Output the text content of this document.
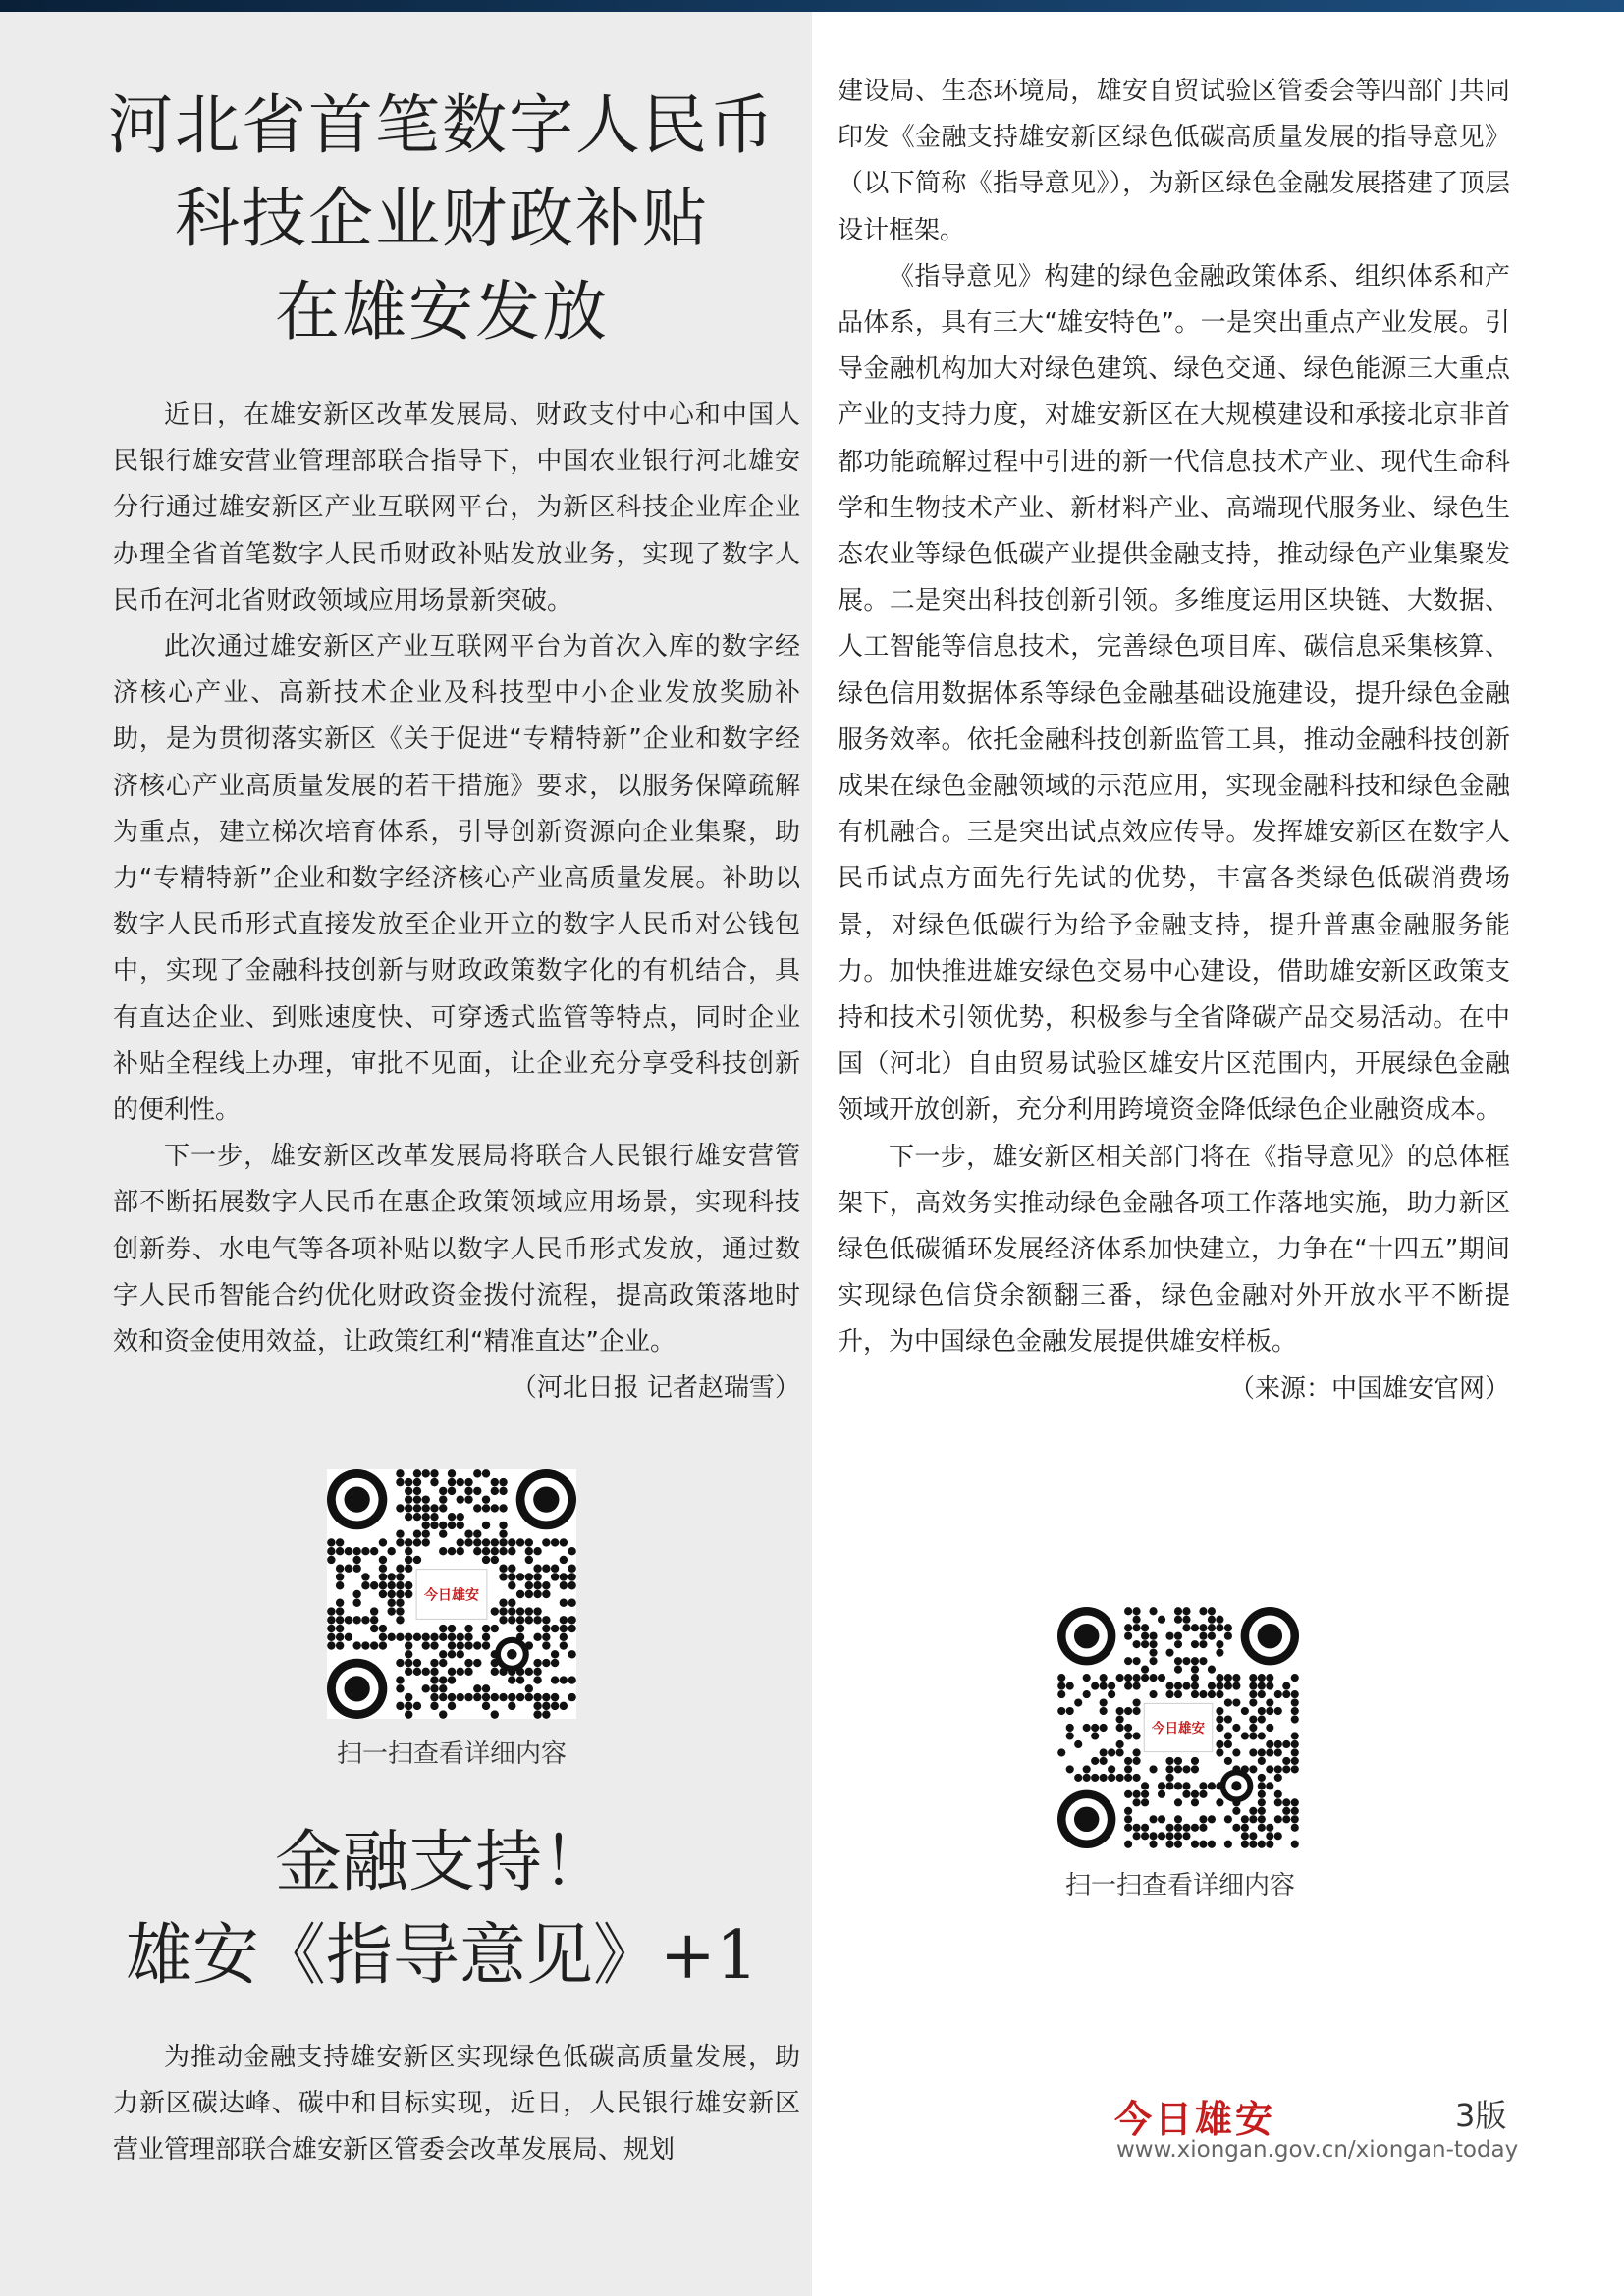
河北省首笔数字人民币
科技企业财政补贴
在雄安发放

近日，在雄安新区改革发展局、财政支付中心和中国人民银行雄安营业管理部联合指导下，中国农业银行河北雄安分行通过雄安新区产业互联网平台，为新区科技企业库企业办理全省首笔数字人民币财政补贴发放业务，实现了数字人民币在河北省财政领域应用场景新突破。

此次通过雄安新区产业互联网平台为首次入库的数字经济核心产业、高新技术企业及科技型中小企业发放奖励补助，是为贯彻落实新区《关于促进“专精特新”企业和数字经济核心产业高质量发展的若干措施》要求，以服务保障疏解为重点，建立梯次培育体系，引导创新资源向企业集聚，助力“专精特新”企业和数字经济核心产业高质量发展。补助以数字人民币形式直接发放至企业开立的数字人民币对公钱包中，实现了金融科技创新与财政政策数字化的有机结合，具有直达企业、到账速度快、可穿透式监管等特点，同时企业补贴全程线上办理，审批不见面，让企业充分享受科技创新的便利性。

下一步，雄安新区改革发展局将联合人民银行雄安营管部不断拓展数字人民币在惠企政策领域应用场景，实现科技创新券、水电气等各项补贴以数字人民币形式发放，通过数字人民币智能合约优化财政资金拨付流程，提高政策落地时效和资金使用效益，让政策红利“精准直达”企业。

（河北日报 记者赵瑞雪）

今日雄安
扫一扫查看详细内容
金融支持！
雄安《指导意见》+1

为推动金融支持雄安新区实现绿色低碳高质量发展，助力新区碳达峰、碳中和目标实现，近日，人民银行雄安新区营业管理部联合雄安新区管委会改革发展局、规划

建设局、生态环境局，雄安自贸试验区管委会等四部门共同印发《金融支持雄安新区绿色低碳高质量发展的指导意见》（以下简称《指导意见》），为新区绿色金融发展搭建了顶层设计框架。

《指导意见》构建的绿色金融政策体系、组织体系和产品体系，具有三大“雄安特色”。一是突出重点产业发展。引导金融机构加大对绿色建筑、绿色交通、绿色能源三大重点产业的支持力度，对雄安新区在大规模建设和承接北京非首都功能疏解过程中引进的新一代信息技术产业、现代生命科学和生物技术产业、新材料产业、高端现代服务业、绿色生态农业等绿色低碳产业提供金融支持，推动绿色产业集聚发展。二是突出科技创新引领。多维度运用区块链、大数据、人工智能等信息技术，完善绿色项目库、碳信息采集核算、绿色信用数据体系等绿色金融基础设施建设，提升绿色金融服务效率。依托金融科技创新监管工具，推动金融科技创新成果在绿色金融领域的示范应用，实现金融科技和绿色金融有机融合。三是突出试点效应传导。发挥雄安新区在数字人民币试点方面先行先试的优势，丰富各类绿色低碳消费场景，对绿色低碳行为给予金融支持，提升普惠金融服务能力。加快推进雄安绿色交易中心建设，借助雄安新区政策支持和技术引领优势，积极参与全省降碳产品交易活动。在中国（河北）自由贸易试验区雄安片区范围内，开展绿色金融领域开放创新，充分利用跨境资金降低绿色企业融资成本。

下一步，雄安新区相关部门将在《指导意见》的总体框架下，高效务实推动绿色金融各项工作落地实施，助力新区绿色低碳循环发展经济体系加快建立，力争在“十四五”期间实现绿色信贷余额翻三番，绿色金融对外开放水平不断提升，为中国绿色金融发展提供雄安样板。

（来源：中国雄安官网）

今日雄安
扫一扫查看详细内容
今日雄安	3版
www.xiongan.gov.cn/xiongan-today
